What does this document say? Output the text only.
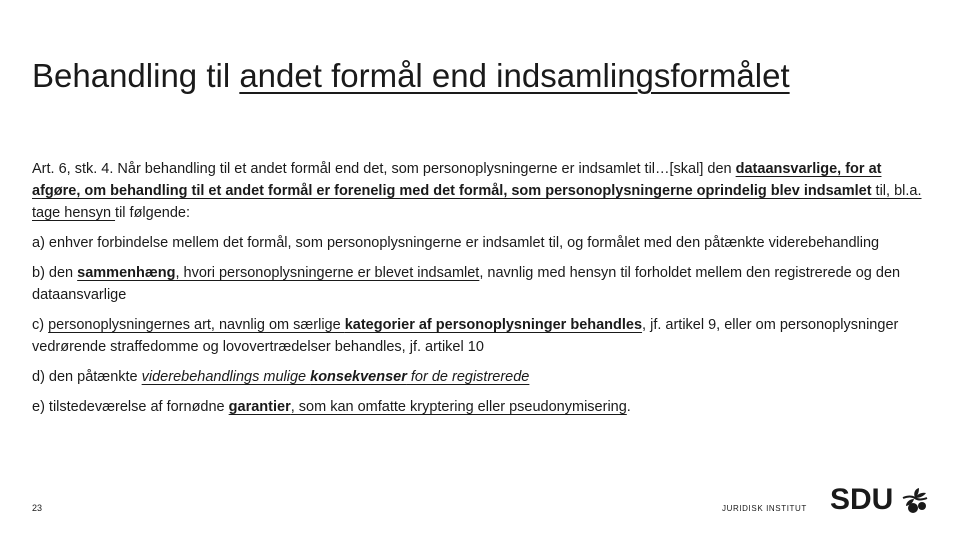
Behandling til andet formål end indsamlingsformålet

Art. 6, stk. 4. Når behandling til et andet formål end det, som personoplysningerne er indsamlet til…[skal] den dataansvarlige, for at afgøre, om behandling til et andet formål er forenelig med det formål, som personoplysningerne oprindelig blev indsamlet til, bl.a. tage hensyn til følgende:

a) enhver forbindelse mellem det formål, som personoplysningerne er indsamlet til, og formålet med den påtænkte viderebehandling

b) den sammenhæng, hvori personoplysningerne er blevet indsamlet, navnlig med hensyn til forholdet mellem den registrerede og den dataansvarlige

c) personoplysningernes art, navnlig om særlige kategorier af personoplysninger behandles, jf. artikel 9, eller om personoplysninger vedrørende straffedomme og lovovertrædelser behandles, jf. artikel 10

d) den påtænkte viderebehandlings mulige konsekvenser for de registrerede

e) tilstedeværelse af fornødne garantier, som kan omfatte kryptering eller pseudonymisering.

23	JURIDISK INSTITUT SDU
